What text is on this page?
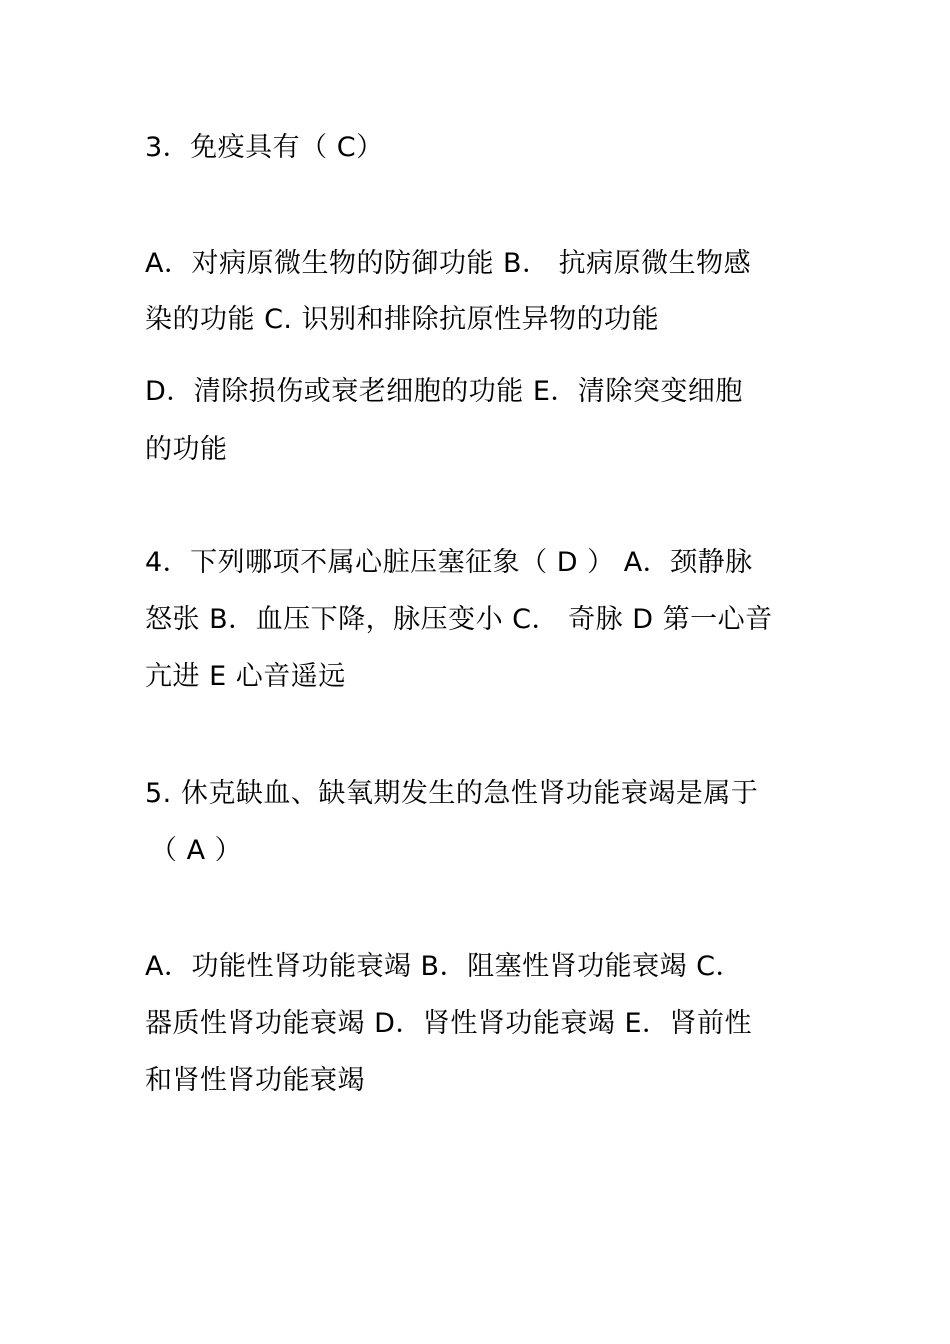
3．免疫具有（ C）
A．对病原微生物的防御功能 B． 抗病原微生物感
染的功能 C. 识别和排除抗原性异物的功能
D．清除损伤或衰老细胞的功能 E．清除突变细胞
的功能
4．下列哪项不属心脏压塞征象（ D ） A．颈静脉
怒张 B．血压下降，脉压变小 C． 奇脉 D 第一心音
亢进 E 心音遥远
5. 休克缺血、缺氧期发生的急性肾功能衰竭是属于
（ A ）
A．功能性肾功能衰竭 B．阻塞性肾功能衰竭 C．
器质性肾功能衰竭 D．肾性肾功能衰竭 E．肾前性
和肾性肾功能衰竭
